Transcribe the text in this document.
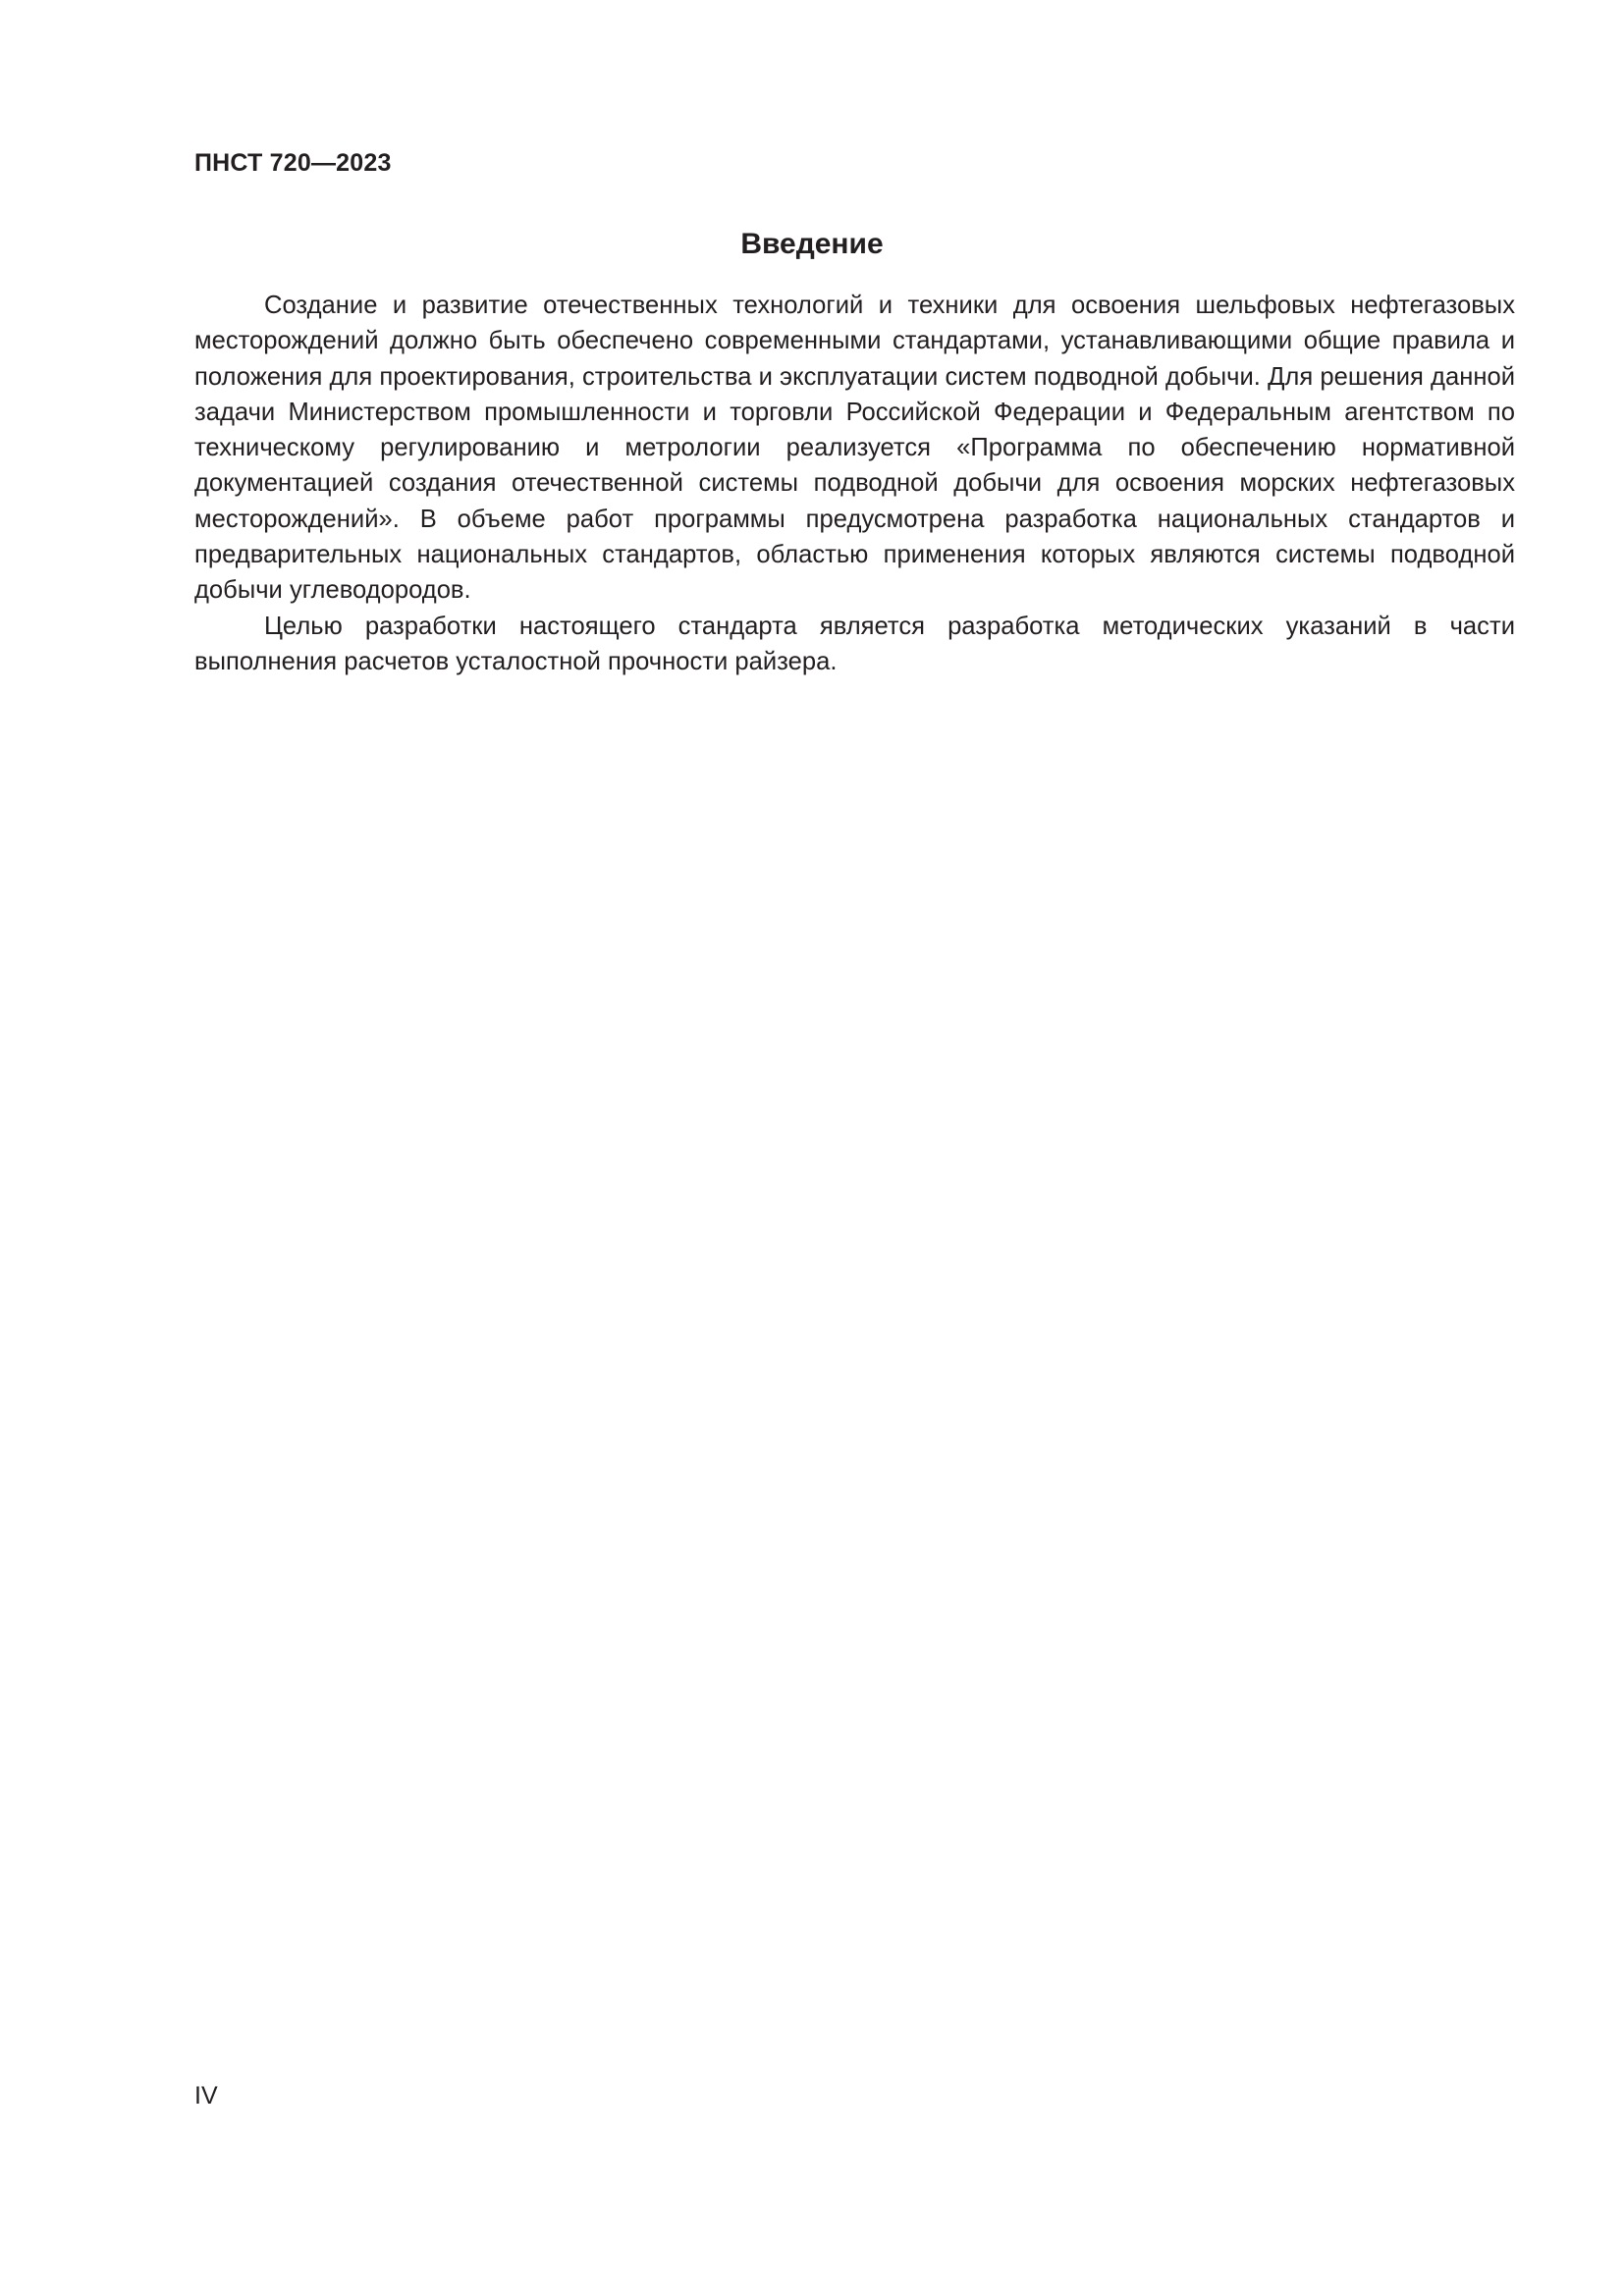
ПНСТ 720—2023

Введение

Создание и развитие отечественных технологий и техники для освоения шельфовых нефтегазовых месторождений должно быть обеспечено современными стандартами, устанавливающими общие правила и положения для проектирования, строительства и эксплуатации систем подводной добычи. Для решения данной задачи Министерством промышленности и торговли Российской Федерации и Федеральным агентством по техническому регулированию и метрологии реализуется «Программа по обеспечению нормативной документацией создания отечественной системы подводной добычи для освоения морских нефтегазовых месторождений». В объеме работ программы предусмотрена разработка национальных стандартов и предварительных национальных стандартов, областью применения которых являются системы подводной добычи углеводородов.

Целью разработки настоящего стандарта является разработка методических указаний в части выполнения расчетов усталостной прочности райзера.

IV
